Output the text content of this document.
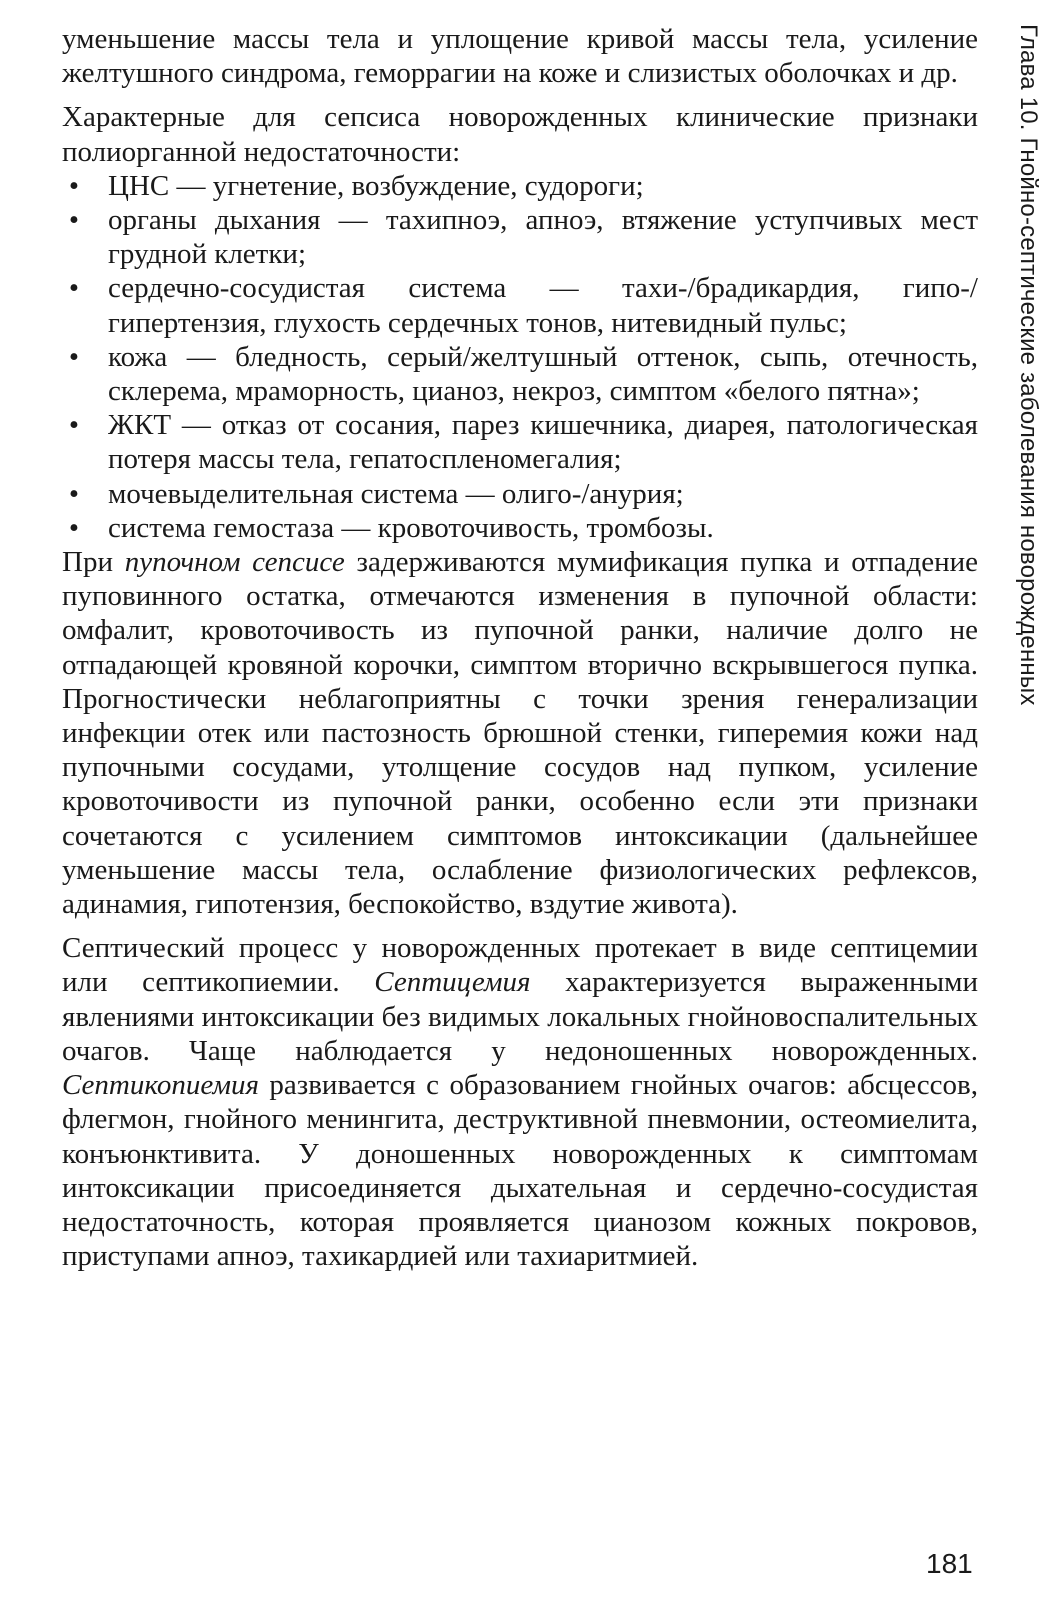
уменьшение массы тела и уплощение кривой массы тела, усиление желтушного синдрома, геморрагии на коже и слизистых оболочках и др.

Характерные для сепсиса новорожденных клинические признаки полиорганной недостаточности:

• ЦНС — угнетение, возбуждение, судороги;
• органы дыхания — тахипноэ, апноэ, втяжение уступчивых мест грудной клетки;
• сердечно-сосудистая система — тахи-/брадикардия, гипо-/гипертензия, глухость сердечных тонов, нитевидный пульс;
• кожа — бледность, серый/желтушный оттенок, сыпь, отечность, склерема, мраморность, цианоз, некроз, симптом «белого пятна»;
• ЖКТ — отказ от сосания, парез кишечника, диарея, патологическая потеря массы тела, гепатоспленомегалия;
• мочевыделительная система — олиго-/анурия;
• система гемостаза — кровоточивость, тромбозы.

При пупочном сепсисе задерживаются мумификация пупка и отпадение пуповинного остатка, отмечаются изменения в пупочной области: омфалит, кровоточивость из пупочной ранки, наличие долго не отпадающей кровяной корочки, симптом вторично вскрывшегося пупка. Прогностически неблагоприятны с точки зрения генерализации инфекции отек или пастозность брюшной стенки, гиперемия кожи над пупочными сосудами, утолщение сосудов над пупком, усиление кровоточивости из пупочной ранки, особенно если эти признаки сочетаются с усилением симптомов интоксикации (дальнейшее уменьшение массы тела, ослабление физиологических рефлексов, адинамия, гипотензия, беспокойство, вздутие живота).

Септический процесс у новорожденных протекает в виде септицемии или септикопиемии. Септицемия характеризуется выраженными явлениями интоксикации без видимых локальных гнойновоспалительных очагов. Чаще наблюдается у недоношенных новорожденных. Септикопиемия развивается с образованием гнойных очагов: абсцессов, флегмон, гнойного менингита, деструктивной пневмонии, остеомиелита, конъюнктивита. У доношенных новорожденных к симптомам интоксикации присоединяется дыхательная и сердечно-сосудистая недостаточность, которая проявляется цианозом кожных покровов, приступами апноэ, тахикардией или тахиаритмией.

Глава 10. Гнойно-септические заболевания новорожденных
181
